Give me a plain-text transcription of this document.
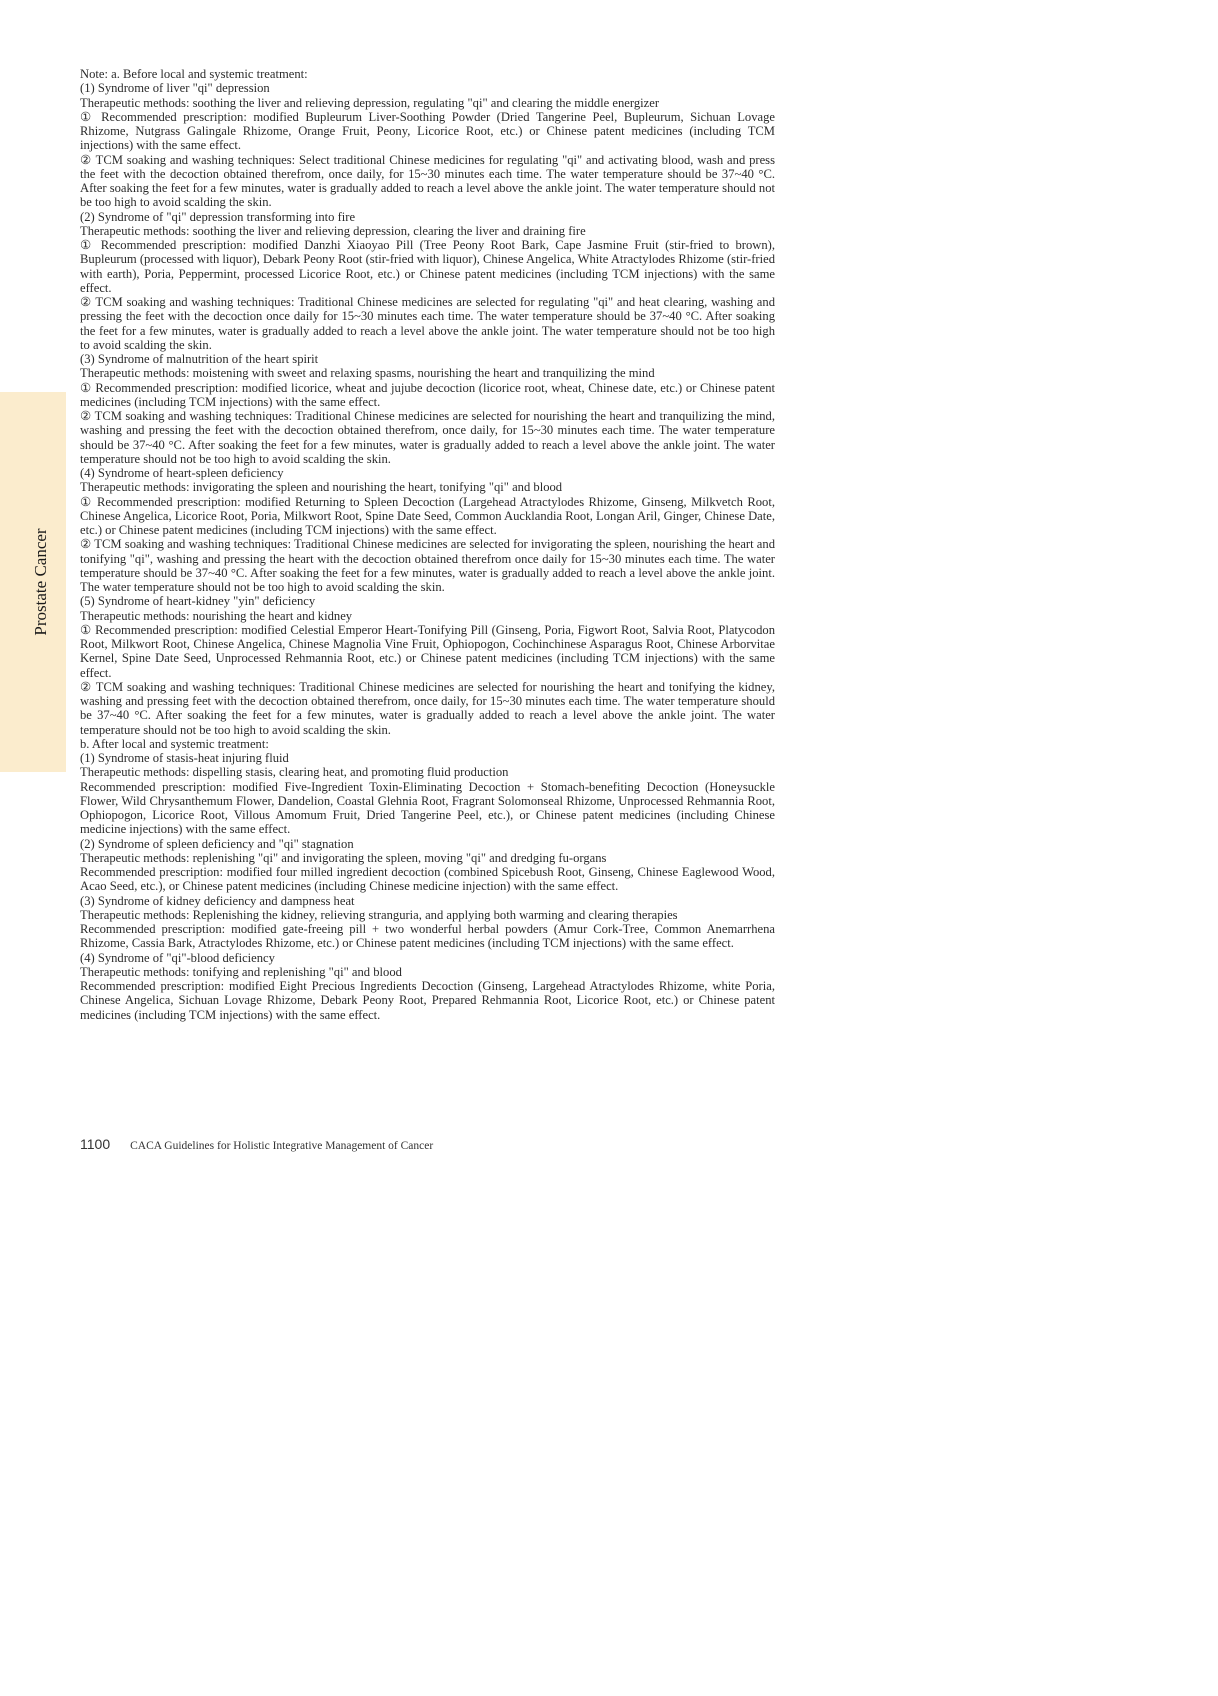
Prostate Cancer

Note: a. Before local and systemic treatment:

(1) Syndrome of liver "qi" depression

Therapeutic methods: soothing the liver and relieving depression, regulating "qi" and clearing the middle energizer

① Recommended prescription: modified Bupleurum Liver-Soothing Powder (Dried Tangerine Peel, Bupleurum, Sichuan Lovage Rhizome, Nutgrass Galingale Rhizome, Orange Fruit, Peony, Licorice Root, etc.) or Chinese patent medicines (including TCM injections) with the same effect.

② TCM soaking and washing techniques: Select traditional Chinese medicines for regulating "qi" and activating blood, wash and press the feet with the decoction obtained therefrom, once daily, for 15~30 minutes each time. The water temperature should be 37~40 °C. After soaking the feet for a few minutes, water is gradually added to reach a level above the ankle joint. The water temperature should not be too high to avoid scalding the skin.

(2) Syndrome of "qi" depression transforming into fire

Therapeutic methods: soothing the liver and relieving depression, clearing the liver and draining fire

① Recommended prescription: modified Danzhi Xiaoyao Pill (Tree Peony Root Bark, Cape Jasmine Fruit (stir-fried to brown), Bupleurum (processed with liquor), Debark Peony Root (stir-fried with liquor), Chinese Angelica, White Atractylodes Rhizome (stir-fried with earth), Poria, Peppermint, processed Licorice Root, etc.) or Chinese patent medicines (including TCM injections) with the same effect.

② TCM soaking and washing techniques: Traditional Chinese medicines are selected for regulating "qi" and heat clearing, washing and pressing the feet with the decoction once daily for 15~30 minutes each time. The water temperature should be 37~40 °C. After soaking the feet for a few minutes, water is gradually added to reach a level above the ankle joint. The water temperature should not be too high to avoid scalding the skin.

(3) Syndrome of malnutrition of the heart spirit

Therapeutic methods: moistening with sweet and relaxing spasms, nourishing the heart and tranquilizing the mind

① Recommended prescription: modified licorice, wheat and jujube decoction (licorice root, wheat, Chinese date, etc.) or Chinese patent medicines (including TCM injections) with the same effect.

② TCM soaking and washing techniques: Traditional Chinese medicines are selected for nourishing the heart and tranquilizing the mind, washing and pressing the feet with the decoction obtained therefrom, once daily, for 15~30 minutes each time. The water temperature should be 37~40 °C. After soaking the feet for a few minutes, water is gradually added to reach a level above the ankle joint. The water temperature should not be too high to avoid scalding the skin.

(4) Syndrome of heart-spleen deficiency

Therapeutic methods: invigorating the spleen and nourishing the heart, tonifying "qi" and blood

① Recommended prescription: modified Returning to Spleen Decoction (Largehead Atractylodes Rhizome, Ginseng, Milkvetch Root, Chinese Angelica, Licorice Root, Poria, Milkwort Root, Spine Date Seed, Common Aucklandia Root, Longan Aril, Ginger, Chinese Date, etc.) or Chinese patent medicines (including TCM injections) with the same effect.

② TCM soaking and washing techniques: Traditional Chinese medicines are selected for invigorating the spleen, nourishing the heart and tonifying "qi", washing and pressing the heart with the decoction obtained therefrom once daily for 15~30 minutes each time. The water temperature should be 37~40 °C. After soaking the feet for a few minutes, water is gradually added to reach a level above the ankle joint. The water temperature should not be too high to avoid scalding the skin.

(5) Syndrome of heart-kidney "yin" deficiency

Therapeutic methods: nourishing the heart and kidney

① Recommended prescription: modified Celestial Emperor Heart-Tonifying Pill (Ginseng, Poria, Figwort Root, Salvia Root, Platycodon Root, Milkwort Root, Chinese Angelica, Chinese Magnolia Vine Fruit, Ophiopogon, Cochinchinese Asparagus Root, Chinese Arborvitae Kernel, Spine Date Seed, Unprocessed Rehmannia Root, etc.) or Chinese patent medicines (including TCM injections) with the same effect.

② TCM soaking and washing techniques: Traditional Chinese medicines are selected for nourishing the heart and tonifying the kidney, washing and pressing feet with the decoction obtained therefrom, once daily, for 15~30 minutes each time. The water temperature should be 37~40 °C. After soaking the feet for a few minutes, water is gradually added to reach a level above the ankle joint. The water temperature should not be too high to avoid scalding the skin.

b. After local and systemic treatment:

(1) Syndrome of stasis-heat injuring fluid

Therapeutic methods: dispelling stasis, clearing heat, and promoting fluid production

Recommended prescription: modified Five-Ingredient Toxin-Eliminating Decoction + Stomach-benefiting Decoction (Honeysuckle Flower, Wild Chrysanthemum Flower, Dandelion, Coastal Glehnia Root, Fragrant Solomonseal Rhizome, Unprocessed Rehmannia Root, Ophiopogon, Licorice Root, Villous Amomum Fruit, Dried Tangerine Peel, etc.), or Chinese patent medicines (including Chinese medicine injections) with the same effect.

(2) Syndrome of spleen deficiency and "qi" stagnation

Therapeutic methods: replenishing "qi" and invigorating the spleen, moving "qi" and dredging fu-organs

Recommended prescription: modified four milled ingredient decoction (combined Spicebush Root, Ginseng, Chinese Eaglewood Wood, Acao Seed, etc.), or Chinese patent medicines (including Chinese medicine injection) with the same effect.

(3) Syndrome of kidney deficiency and dampness heat

Therapeutic methods: Replenishing the kidney, relieving stranguria, and applying both warming and clearing therapies

Recommended prescription: modified gate-freeing pill + two wonderful herbal powders (Amur Cork-Tree, Common Anemarrhena Rhizome, Cassia Bark, Atractylodes Rhizome, etc.) or Chinese patent medicines (including TCM injections) with the same effect.

(4) Syndrome of "qi"-blood deficiency

Therapeutic methods: tonifying and replenishing "qi" and blood

Recommended prescription: modified Eight Precious Ingredients Decoction (Ginseng, Largehead Atractylodes Rhizome, white Poria, Chinese Angelica, Sichuan Lovage Rhizome, Debark Peony Root, Prepared Rehmannia Root, Licorice Root, etc.) or Chinese patent medicines (including TCM injections) with the same effect.

1100 CACA Guidelines for Holistic Integrative Management of Cancer
